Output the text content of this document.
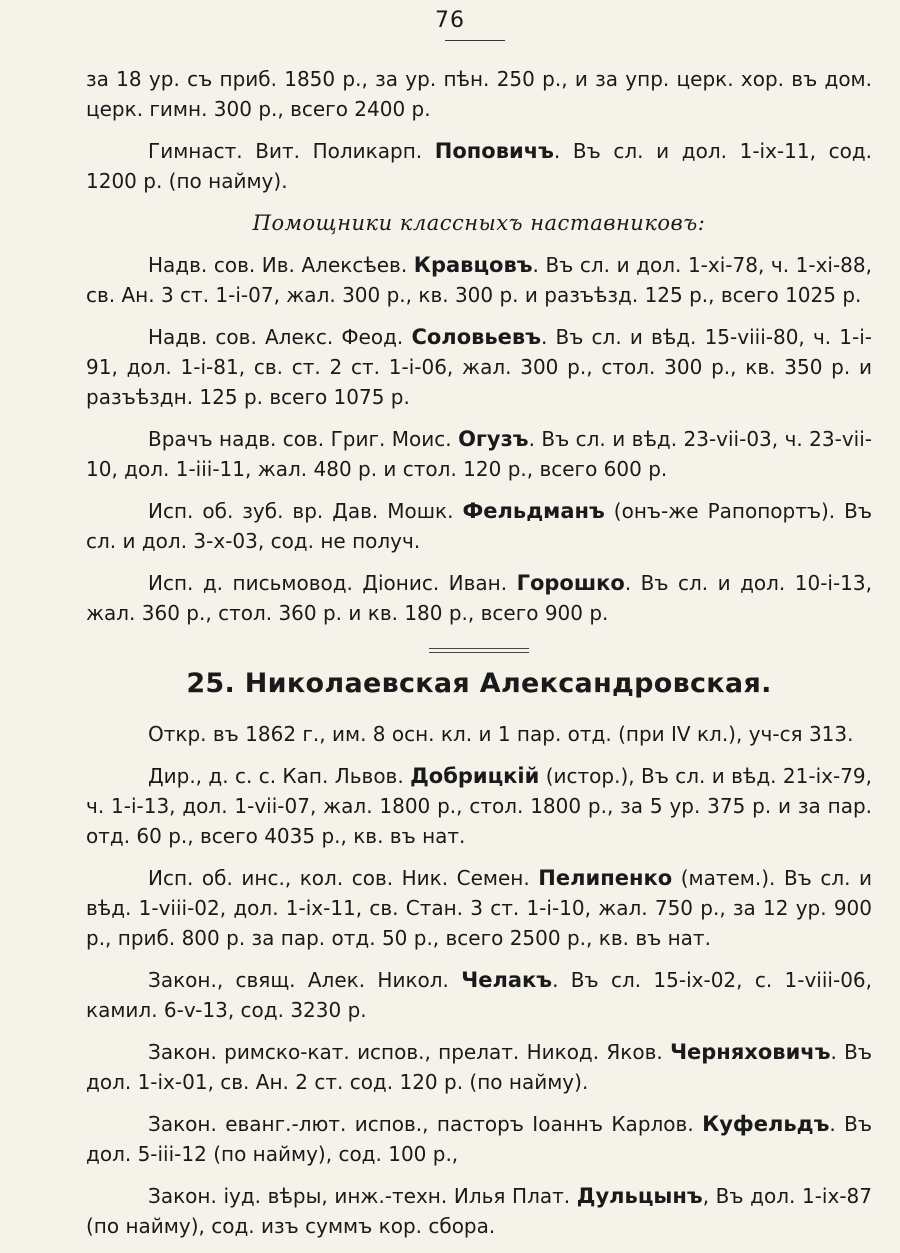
76

за 18 ур. съ приб. 1850 р., за ур. пѣн. 250 р., и за упр. церк. хор. въ дом. церк. гимн. 300 р., всего 2400 р.

Гимнаст. Вит. Поликарп. Поповичъ. Въ сл. и дол. 1-ix-11, сод. 1200 р. (по найму).

Помощники классныхъ наставниковъ:

Надв. сов. Ив. Алексѣев. Кравцовъ. Въ сл. и дол. 1-xi-78, ч. 1-xi-88, св. Ан. 3 ст. 1-i-07, жал. 300 р., кв. 300 р. и разъѣзд. 125 р., всего 1025 р.

Надв. сов. Алекс. Феод. Соловьевъ. Въ сл. и вѣд. 15-viii-80, ч. 1-i-91, дол. 1-i-81, св. ст. 2 ст. 1-i-06, жал. 300 р., стол. 300 р., кв. 350 р. и разъѣздн. 125 р. всего 1075 р.

Врачъ надв. сов. Григ. Моис. Огузъ. Въ сл. и вѣд. 23-vii-03, ч. 23-vii-10, дол. 1-iii-11, жал. 480 р. и стол. 120 р., всего 600 р.

Исп. об. зуб. вр. Дав. Мошк. Фельдманъ (онъ-же Рапопортъ). Въ сл. и дол. 3-x-03, сод. не получ.

Исп. д. письмовод. Діонис. Иван. Горошко. Въ сл. и дол. 10-i-13, жал. 360 р., стол. 360 р. и кв. 180 р., всего 900 р.

25. Николаевская Александровская.

Откр. въ 1862 г., им. 8 осн. кл. и 1 пар. отд. (при IV кл.), уч-ся 313.

Дир., д. с. с. Кап. Львов. Добрицкій (истор.), Въ сл. и вѣд. 21-ix-79, ч. 1-i-13, дол. 1-vii-07, жал. 1800 р., стол. 1800 р., за 5 ур. 375 р. и за пар. отд. 60 р., всего 4035 р., кв. въ нат.

Исп. об. инс., кол. сов. Ник. Семен. Пелипенко (матем.). Въ сл. и вѣд. 1-viii-02, дол. 1-ix-11, св. Стан. 3 ст. 1-i-10, жал. 750 р., за 12 ур. 900 р., приб. 800 р. за пар. отд. 50 р., всего 2500 р., кв. въ нат.

Закон., свящ. Алек. Никол. Челакъ. Въ сл. 15-ix-02, с. 1-viii-06, камил. 6-v-13, сод. 3230 р.

Закон. римско-кат. испов., прелат. Никод. Яков. Черняховичъ. Въ дол. 1-ix-01, св. Ан. 2 ст. сод. 120 р. (по найму).

Закон. еванг.-лют. испов., пасторъ Іоаннъ Карлов. Куфельдъ. Въ дол. 5-iii-12 (по найму), сод. 100 р.,

Закон. іуд. вѣры, инж.-техн. Илья Плат. Дульцынъ, Въ дол. 1-ix-87 (по найму), сод. изъ суммъ кор. сбора.
